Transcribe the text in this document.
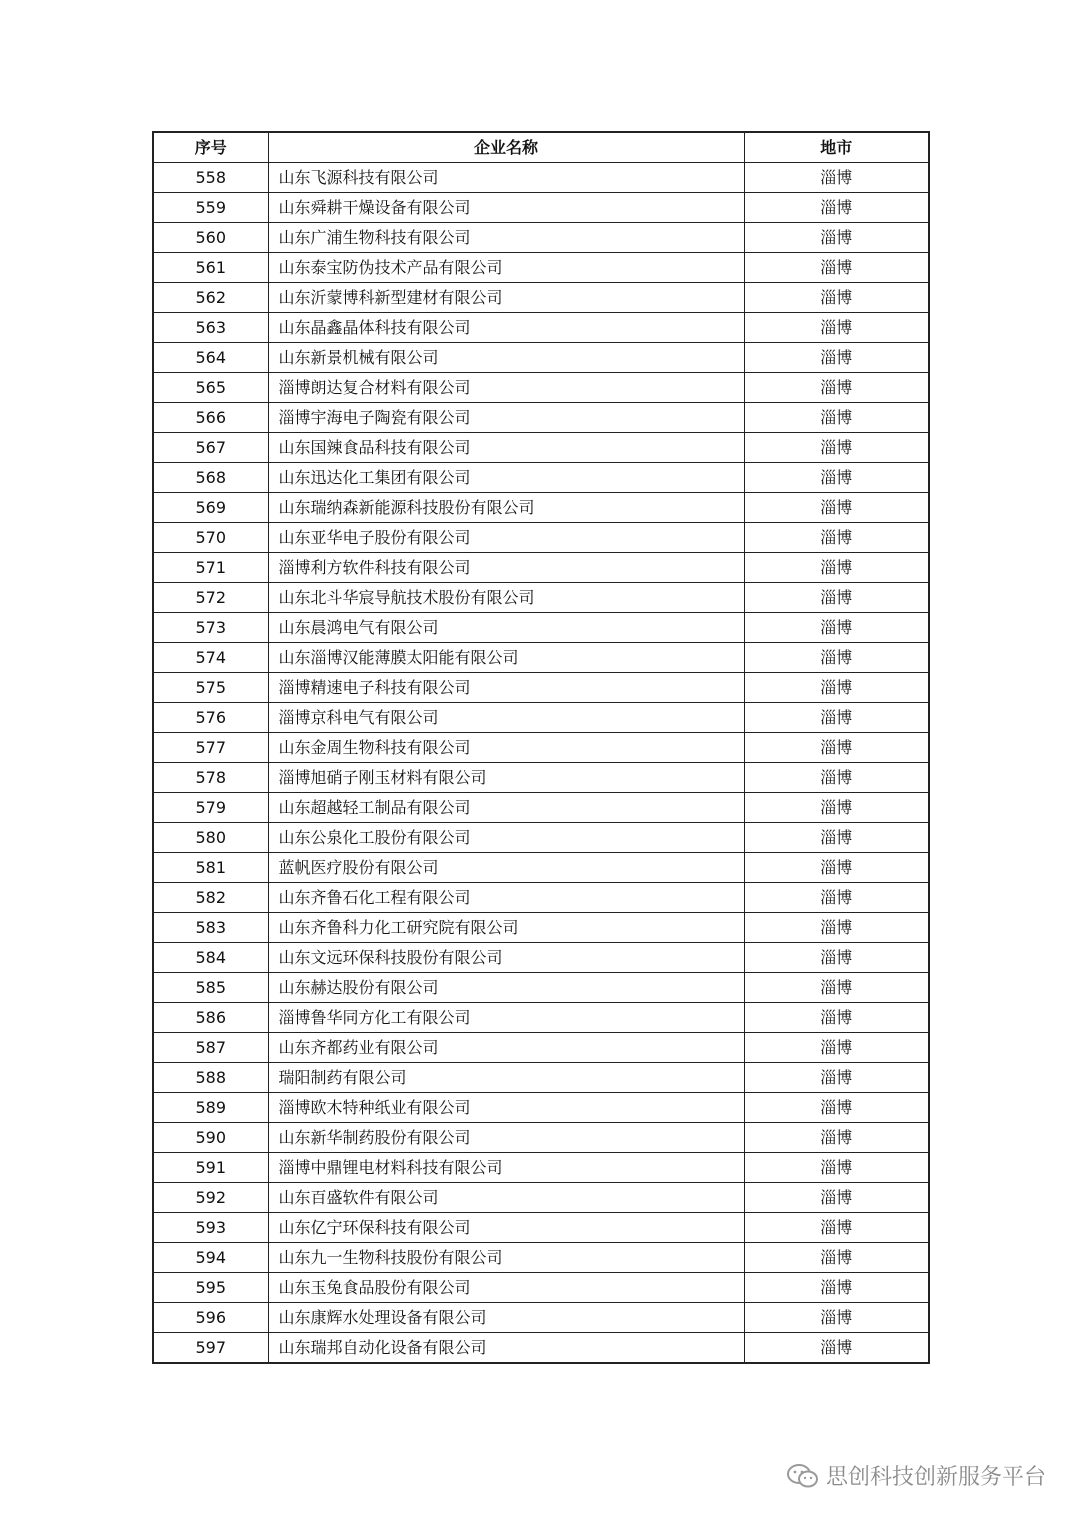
序号	企业名称	地市
558	山东飞源科技有限公司	淄博
559	山东舜耕干燥设备有限公司	淄博
560	山东广浦生物科技有限公司	淄博
561	山东泰宝防伪技术产品有限公司	淄博
562	山东沂蒙博科新型建材有限公司	淄博
563	山东晶鑫晶体科技有限公司	淄博
564	山东新景机械有限公司	淄博
565	淄博朗达复合材料有限公司	淄博
566	淄博宇海电子陶瓷有限公司	淄博
567	山东国辣食品科技有限公司	淄博
568	山东迅达化工集团有限公司	淄博
569	山东瑞纳森新能源科技股份有限公司	淄博
570	山东亚华电子股份有限公司	淄博
571	淄博利方软件科技有限公司	淄博
572	山东北斗华宸导航技术股份有限公司	淄博
573	山东晨鸿电气有限公司	淄博
574	山东淄博汉能薄膜太阳能有限公司	淄博
575	淄博精速电子科技有限公司	淄博
576	淄博京科电气有限公司	淄博
577	山东金周生物科技有限公司	淄博
578	淄博旭硝子刚玉材料有限公司	淄博
579	山东超越轻工制品有限公司	淄博
580	山东公泉化工股份有限公司	淄博
581	蓝帆医疗股份有限公司	淄博
582	山东齐鲁石化工程有限公司	淄博
583	山东齐鲁科力化工研究院有限公司	淄博
584	山东文远环保科技股份有限公司	淄博
585	山东赫达股份有限公司	淄博
586	淄博鲁华同方化工有限公司	淄博
587	山东齐都药业有限公司	淄博
588	瑞阳制药有限公司	淄博
589	淄博欧木特种纸业有限公司	淄博
590	山东新华制药股份有限公司	淄博
591	淄博中鼎锂电材料科技有限公司	淄博
592	山东百盛软件有限公司	淄博
593	山东亿宁环保科技有限公司	淄博
594	山东九一生物科技股份有限公司	淄博
595	山东玉兔食品股份有限公司	淄博
596	山东康辉水处理设备有限公司	淄博
597	山东瑞邦自动化设备有限公司	淄博
思创科技创新服务平台
